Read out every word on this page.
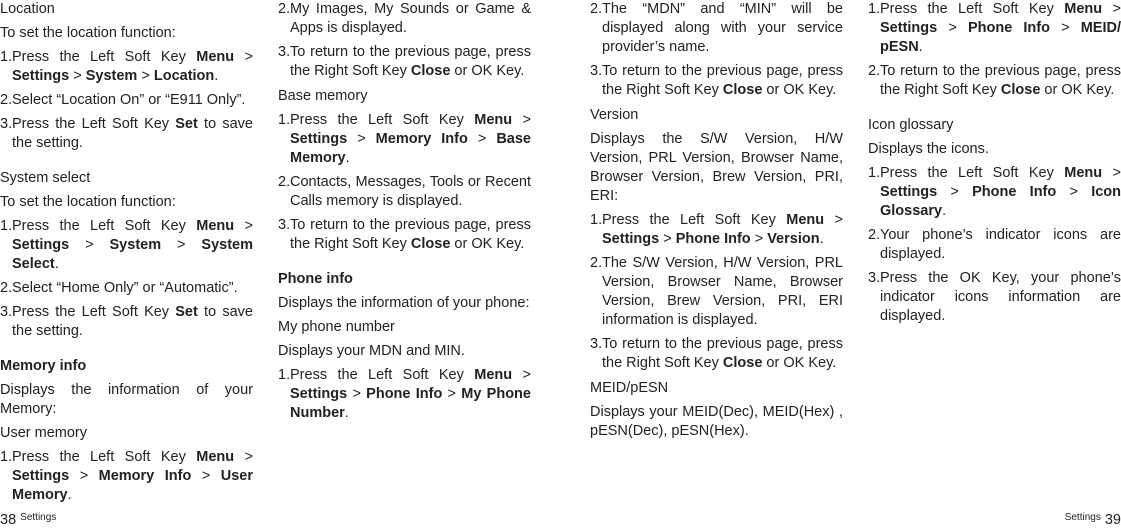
Location
To set the location function:
1.Press the Left Soft Key Menu > Settings > System > Location.
2.Select “Location On” or “E911 Only”.
3.Press the Left Soft Key Set to save the setting.
System select
To set the location function:
1.Press the Left Soft Key Menu > Settings > System > System Select.
2.Select “Home Only” or “Automatic”.
3.Press the Left Soft Key Set to save the setting.
Memory info
Displays the information of your Memory:
User memory
1.Press the Left Soft Key Menu > Settings > Memory Info > User Memory.
2.My Images, My Sounds or Game & Apps is displayed.
3.To return to the previous page, press the Right Soft Key Close or OK Key.
Base memory
1.Press the Left Soft Key Menu > Settings > Memory Info > Base Memory.
2.Contacts, Messages, Tools or Recent Calls memory is displayed.
3.To return to the previous page, press the Right Soft Key Close or OK Key.
Phone info
Displays the information of your phone:
My phone number
Displays your MDN and MIN.
1.Press the Left Soft Key Menu > Settings > Phone Info > My Phone Number.
2.The “MDN” and “MIN” will be displayed along with your service provider’s name.
3.To return to the previous page, press the Right Soft Key Close or OK Key.
Version
Displays the S/W Version, H/W Version, PRL Version, Browser Name, Browser Version, Brew Version, PRI, ERI:
1.Press the Left Soft Key Menu > Settings > Phone Info > Version.
2.The S/W Version, H/W Version, PRL Version, Browser Name, Browser Version, Brew Version, PRI, ERI information is displayed.
3.To return to the previous page, press the Right Soft Key Close or OK Key.
MEID/pESN
Displays your MEID(Dec), MEID(Hex) , pESN(Dec), pESN(Hex).
1.Press the Left Soft Key Menu > Settings > Phone Info > MEID/ pESN.
2.To return to the previous page, press the Right Soft Key Close or OK Key.
Icon glossary
Displays the icons.
1.Press the Left Soft Key Menu > Settings > Phone Info > Icon Glossary.
2.Your phone’s indicator icons are displayed.
3.Press the OK Key, your phone’s indicator icons information are displayed.
38 $^{Settings}$	$^{Settings}$ 39
